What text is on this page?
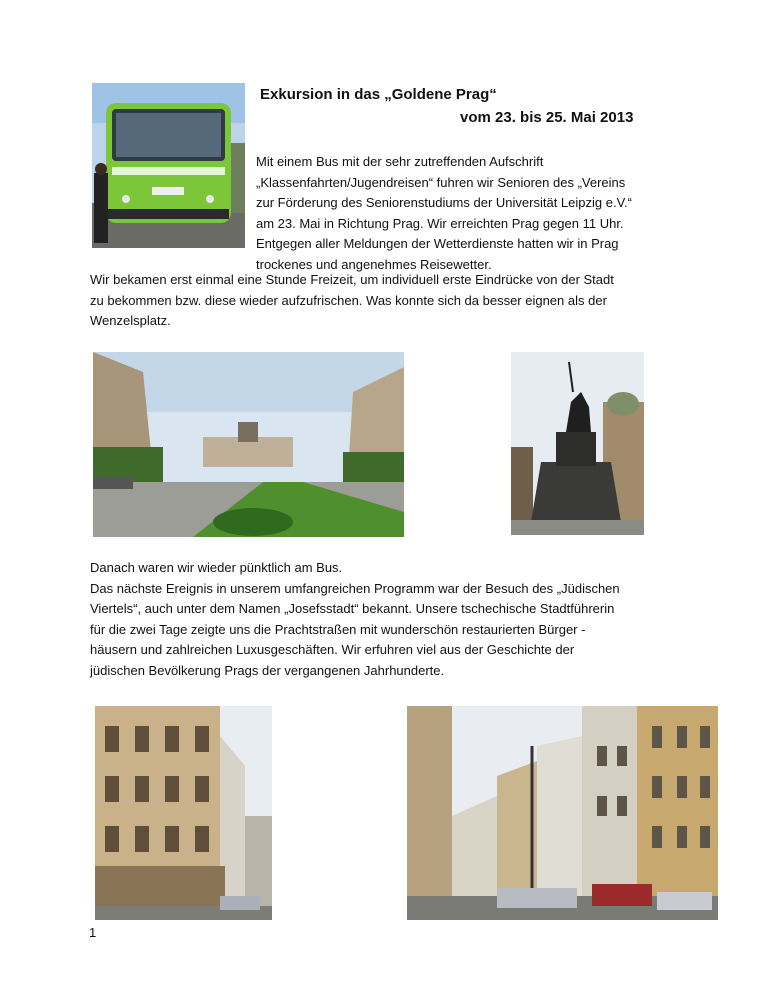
Exkursion in das „Goldene Prag“
vom 23. bis 25. Mai 2013
Mit einem Bus mit der sehr zutreffenden Aufschrift
„Klassenfahrten/Jugendreisen“ fuhren wir Senioren des „Vereins
zur Förderung des Seniorenstudiums der Universität Leipzig e.V.“
am 23. Mai in Richtung Prag. Wir erreichten Prag gegen 11 Uhr.
Entgegen aller Meldungen der Wetterdienste hatten wir in Prag
trockenes und angenehmes Reisewetter.
Wir bekamen erst einmal eine Stunde Freizeit, um individuell erste Eindrücke von der Stadt
zu bekommen bzw. diese wieder aufzufrischen. Was konnte sich da besser eignen als der
Wenzelsplatz.
Danach waren wir wieder pünktlich am Bus.
Das nächste Ereignis in unserem umfangreichen Programm war der Besuch des „Jüdischen
Viertels“, auch unter dem Namen „Josefsstadt“ bekannt. Unsere tschechische Stadtführerin
für die zwei Tage zeigte uns die Prachtstraßen mit wunderschön restaurierten Bürger -
häusern und zahlreichen Luxusgeschäften. Wir erfuhren viel aus der Geschichte der
jüdischen Bevölkerung Prags der vergangenen Jahrhunderte.
1
